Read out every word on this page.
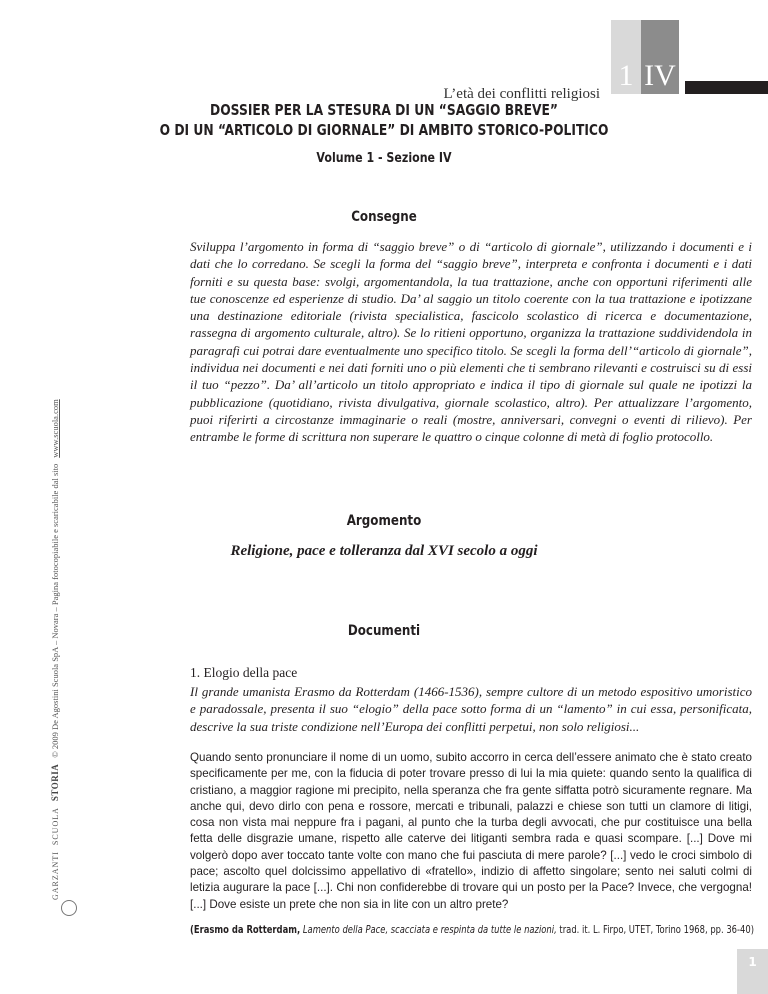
L’età dei conflitti religiosi
1 IV
GARZANTI
SCUOLA
STORIA
© 2009 De Agostini Scuola SpA – Novara – Pagina fotocopiabile e scaricabile dal sito
www.scuola.com
DOSSIER PER LA STESURA DI UN “SAGGIO BREVE”
O DI UN “ARTICOLO DI GIORNALE” DI AMBITO STORICO-POLITICO
Volume 1 - Sezione IV
Consegne

Sviluppa l’argomento in forma di “saggio breve” o di “articolo di giornale”, utilizzando i documenti e i dati che lo corredano. Se scegli la forma del “saggio breve”, interpreta e confronta i documenti e i dati forniti e su questa base: svolgi, argomentandola, la tua trattazione, anche con opportuni riferimenti alle tue conoscenze ed esperienze di studio. Da’ al saggio un titolo coerente con la tua trattazione e ipotizzane una destinazione editoriale (rivista specialistica, fascicolo scolastico di ricerca e documentazione, rassegna di argomento culturale, altro). Se lo ritieni opportuno, organizza la trattazione suddividendola in paragrafi cui potrai dare eventualmente uno specifico titolo. Se scegli la forma dell’“articolo di giornale”, individua nei documenti e nei dati forniti uno o più elementi che ti sembrano rilevanti e costruisci su di essi il tuo “pezzo”. Da’ all’articolo un titolo appropriato e indica il tipo di giornale sul quale ne ipotizzi la pubblicazione (quotidiano, rivista divulgativa, giornale scolastico, altro). Per attualizzare l’argomento, puoi riferirti a circostanze immaginarie o reali (mostre, anniversari, convegni o eventi di rilievo). Per entrambe le forme di scrittura non superare le quattro o cinque colonne di metà di foglio protocollo.

Argomento

Religione, pace e tolleranza dal XVI secolo a oggi

Documenti

1. Elogio della pace

Il grande umanista Erasmo da Rotterdam (1466-1536), sempre cultore di un metodo espositivo umoristico e paradossale, presenta il suo “elogio” della pace sotto forma di un “lamento” in cui essa, personificata, descrive la sua triste condizione nell’Europa dei conflitti perpetui, non solo religiosi...

Quando sento pronunciare il nome di un uomo, subito accorro in cerca dell’essere animato che è stato creato specificamente per me, con la fiducia di poter trovare presso di lui la mia quiete: quando sento la qualifica di cristiano, a maggior ragione mi precipito, nella speranza che fra gente siffatta potrò sicuramente regnare. Ma anche qui, devo dirlo con pena e rossore, mercati e tribunali, palazzi e chiese son tutti un clamore di litigi, cosa non vista mai neppure fra i pagani, al punto che la turba degli avvocati, che pur costituisce una bella fetta delle disgrazie umane, rispetto alle caterve dei litiganti sembra rada e quasi scompare. [...] Dove mi volgerò dopo aver toccato tante volte con mano che fui pasciuta di mere parole? [...] vedo le croci simbolo di pace; ascolto quel dolcissimo appellativo di «fratello», indizio di affetto singolare; sento nei saluti colmi di letizia augurare la pace [...]. Chi non confiderebbe di trovare qui un posto per la Pace? Invece, che vergogna! [...] Dove esiste un prete che non sia in lite con un altro prete?

(Erasmo da Rotterdam, Lamento della Pace, scacciata e respinta da tutte le nazioni, trad. it. L. Firpo, UTET, Torino 1968, pp. 36-40)

1
